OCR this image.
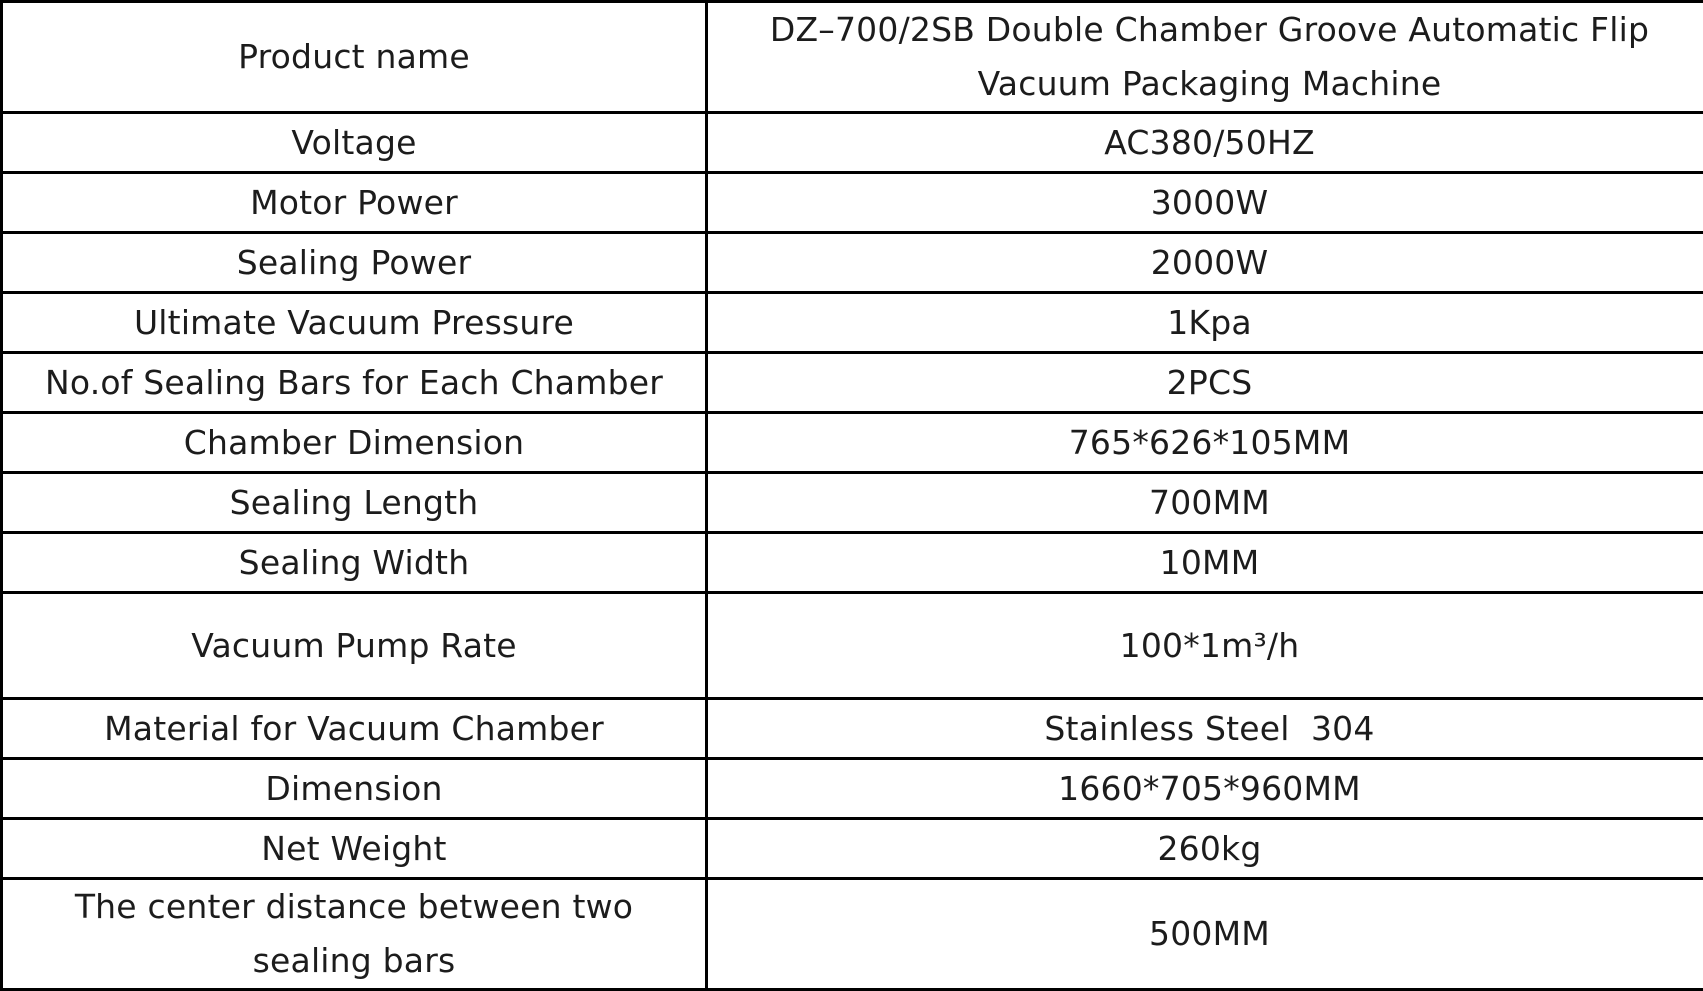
Product name	DZ–700/2SB Double Chamber Groove Automatic Flip
Vacuum Packaging Machine

Voltage	AC380/50HZ
Motor Power	3000W
Sealing Power	2000W
Ultimate Vacuum Pressure	1Kpa
No.of Sealing Bars for Each Chamber	2PCS
Chamber Dimension	765*626*105MM
Sealing Length	700MM
Sealing Width	10MM
Vacuum Pump Rate	100*1m³/h
Material for Vacuum Chamber	Stainless Steel  304
Dimension	1660*705*960MM
Net Weight	260kg

The center distance between two
sealing bars	500MM
